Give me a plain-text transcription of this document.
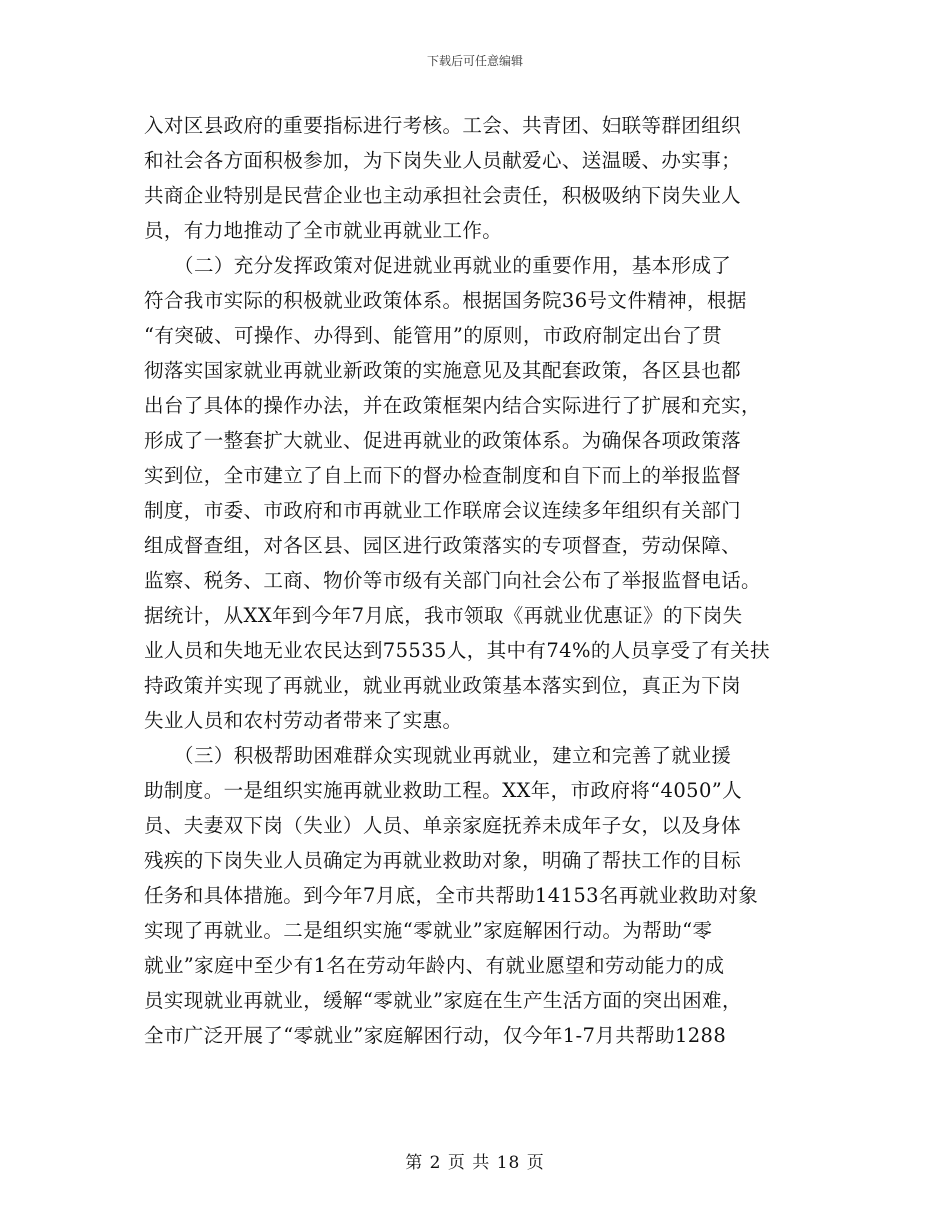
下载后可任意编辑
入对区县政府的重要指标进行考核。工会、共青团、妇联等群团组织
和社会各方面积极参加，为下岗失业人员献爱心、送温暖、办实事；
共商企业特别是民营企业也主动承担社会责任，积极吸纳下岗失业人
员，有力地推动了全市就业再就业工作。
　　（二）充分发挥政策对促进就业再就业的重要作用，基本形成了
符合我市实际的积极就业政策体系。根据国务院36号文件精神，根据
“有突破、可操作、办得到、能管用”的原则，市政府制定出台了贯
彻落实国家就业再就业新政策的实施意见及其配套政策，各区县也都
出台了具体的操作办法，并在政策框架内结合实际进行了扩展和充实，
形成了一整套扩大就业、促进再就业的政策体系。为确保各项政策落
实到位，全市建立了自上而下的督办检查制度和自下而上的举报监督
制度，市委、市政府和市再就业工作联席会议连续多年组织有关部门
组成督查组，对各区县、园区进行政策落实的专项督查，劳动保障、
监察、税务、工商、物价等市级有关部门向社会公布了举报监督电话。
据统计，从XX年到今年7月底，我市领取《再就业优惠证》的下岗失
业人员和失地无业农民达到75535人，其中有74%的人员享受了有关扶
持政策并实现了再就业，就业再就业政策基本落实到位，真正为下岗
失业人员和农村劳动者带来了实惠。
　　（三）积极帮助困难群众实现就业再就业，建立和完善了就业援
助制度。一是组织实施再就业救助工程。XX年，市政府将“4050”人
员、夫妻双下岗（失业）人员、单亲家庭抚养未成年子女，以及身体
残疾的下岗失业人员确定为再就业救助对象，明确了帮扶工作的目标
任务和具体措施。到今年7月底，全市共帮助14153名再就业救助对象
实现了再就业。二是组织实施“零就业”家庭解困行动。为帮助“零
就业”家庭中至少有1名在劳动年龄内、有就业愿望和劳动能力的成
员实现就业再就业，缓解“零就业”家庭在生产生活方面的突出困难，
全市广泛开展了“零就业”家庭解困行动，仅今年1-7月共帮助1288
第 2 页 共 18 页
